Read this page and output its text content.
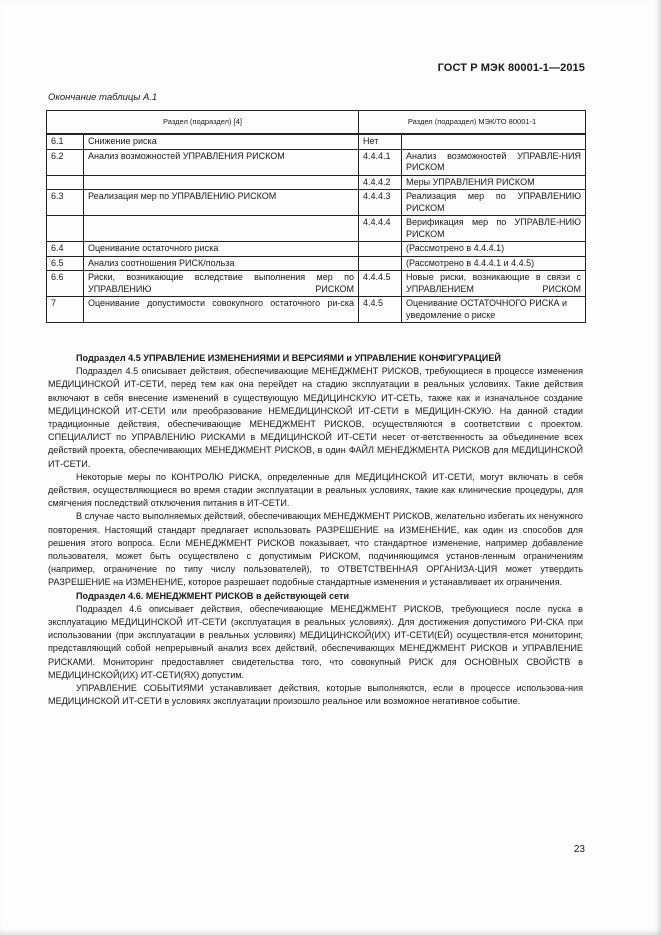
ГОСТ Р МЭК 80001-1—2015
Окончание таблицы А.1
Раздел (подраздел) [4]		Раздел (подраздел) МЭК/ТО 80001-1	
6.1	Снижение риска	Нет	
6.2	Анализ возможностей УПРАВЛЕНИЯ РИСКОМ	4.4.4.1	Анализ возможностей УПРАВЛЕ-НИЯ РИСКОМ
		4.4.4.2	Меры УПРАВЛЕНИЯ РИСКОМ
6.3	Реализация мер по УПРАВЛЕНИЮ РИСКОМ	4.4.4.3	Реализация мер по УПРАВЛЕНИЮ РИСКОМ
		4.4.4.4	Верификация мер по УПРАВЛЕ-НИЮ РИСКОМ
6.4	Оценивание остаточного риска		(Рассмотрено в 4.4.4.1)
6.5	Анализ соотношения РИСК/польза		(Рассмотрено в 4.4.4.1 и 4.4.5)
6.6	Риски, возникающие вследствие выполнения мер по УПРАВЛЕНИЮ РИСКОМ	4.4.4.5	Новые риски, возникающие в связи с УПРАВЛЕНИЕМ РИСКОМ
7	Оценивание допустимости совокупного остаточного ри-ска	4.4.5	Оценивание ОСТАТОЧНОГО РИСКА и уведомление о риске

Подраздел 4.5 УПРАВЛЕНИЕ ИЗМЕНЕНИЯМИ И ВЕРСИЯМИ и УПРАВЛЕНИЕ КОНФИГУРАЦИЕЙ

Подраздел 4.5 описывает действия, обеспечивающие МЕНЕДЖМЕНТ РИСКОВ, требующиеся в процессе изменения МЕДИЦИНСКОЙ ИТ-СЕТИ, перед тем как она перейдет на стадию эксплуатации в реальных условиях. Такие действия включают в себя внесение изменений в существующую МЕДИЦИНСКУЮ ИТ-СЕТЬ, также как и изначальное создание МЕДИЦИНСКОЙ ИТ-СЕТИ или преобразование НЕМЕДИЦИНСКОЙ ИТ-СЕТИ в МЕДИЦИН-СКУЮ. На данной стадии традиционные действия, обеспечивающие МЕНЕДЖМЕНТ РИСКОВ, осуществляются в соответствии с проектом. СПЕЦИАЛИСТ по УПРАВЛЕНИЮ РИСКАМИ в МЕДИЦИНСКОЙ ИТ-СЕТИ несет от-ветственность за объединение всех действий проекта, обеспечивающих МЕНЕДЖМЕНТ РИСКОВ, в один ФАЙЛ МЕНЕДЖМЕНТА РИСКОВ для МЕДИЦИНСКОЙ ИТ-СЕТИ.

Некоторые меры по КОНТРОЛЮ РИСКА, определенные для МЕДИЦИНСКОЙ ИТ-СЕТИ, могут включать в себя действия, осуществляющиеся во время стадии эксплуатации в реальных условиях, такие как клинические процедуры, для смягчения последствий отключения питания в ИТ-СЕТИ.

В случае часто выполняемых действий, обеспечивающих МЕНЕДЖМЕНТ РИСКОВ, желательно избегать их ненужного повторения. Настоящий стандарт предлагает использовать РАЗРЕШЕНИЕ на ИЗМЕНЕНИЕ, как один из способов для решения этого вопроса. Если МЕНЕДЖМЕНТ РИСКОВ показывает, что стандартное изменение, например добавление пользователя, может быть осуществлено с допустимым РИСКОМ, подчиняющимся установ-ленным ограничениям (например, ограничение по типу числу пользователей), то ОТВЕТСТВЕННАЯ ОРГАНИЗА-ЦИЯ может утвердить РАЗРЕШЕНИЕ на ИЗМЕНЕНИЕ, которое разрешает подобные стандартные изменения и устанавливает их ограничения.

Подраздел 4.6. МЕНЕДЖМЕНТ РИСКОВ в действующей сети

Подраздел 4.6 описывает действия, обеспечивающие МЕНЕДЖМЕНТ РИСКОВ, требующиеся после пуска в эксплуатацию МЕДИЦИНСКОЙ ИТ-СЕТИ (эксплуатация в реальных условиях). Для достижения допустимого РИ-СКА при использовании (при эксплуатации в реальных условиях) МЕДИЦИНСКОЙ(ИХ) ИТ-СЕТИ(ЕЙ) осуществля-ется мониторинг, представляющий собой непрерывный анализ всех действий, обеспечивающих МЕНЕДЖМЕНТ РИСКОВ и УПРАВЛЕНИЕ РИСКАМИ. Мониторинг предоставляет свидетельства того, что совокупный РИСК для ОСНОВНЫХ СВОЙСТВ в МЕДИЦИНСКОЙ(ИХ) ИТ-СЕТИ(ЯХ) допустим.

УПРАВЛЕНИЕ СОБЫТИЯМИ устанавливает действия, которые выполняются, если в процессе использова-ния МЕДИЦИНСКОЙ ИТ-СЕТИ в условиях эксплуатации произошло реальное или возможное негативное событие.

23
